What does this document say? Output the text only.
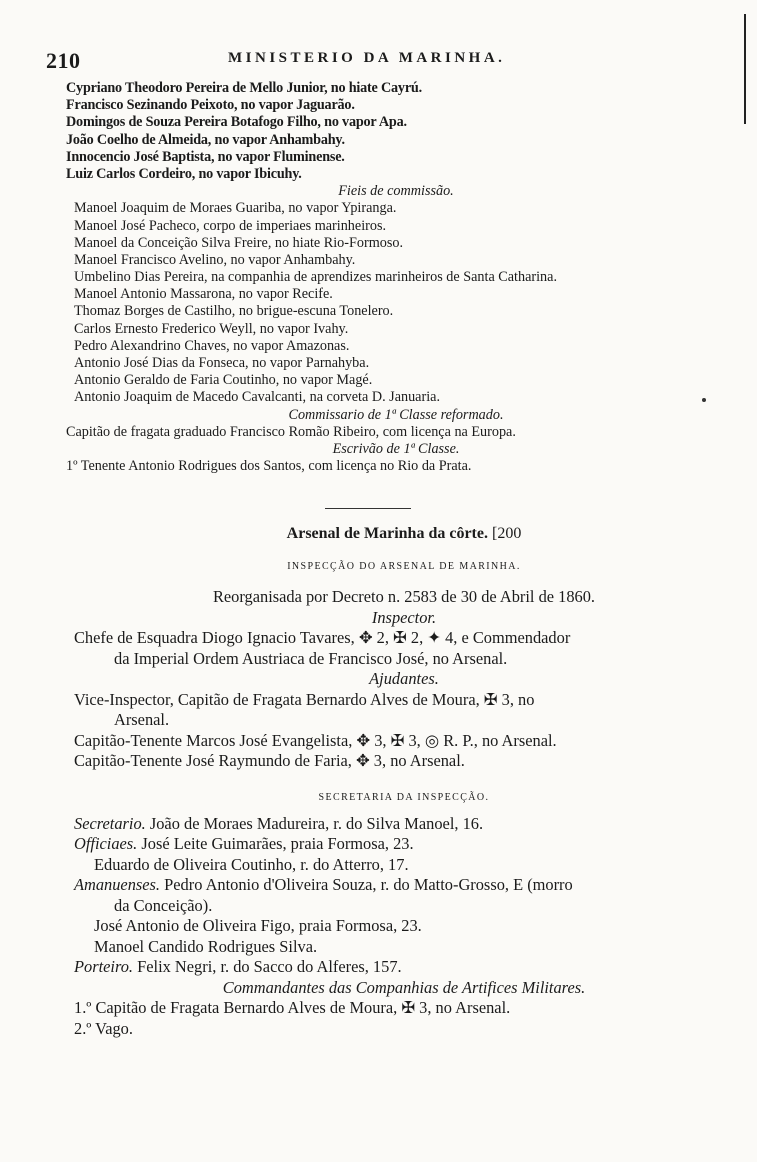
210	MINISTERIO DA MARINHA.
Cypriano Theodoro Pereira de Mello Junior, no hiate Cayrú.
Francisco Sezinando Peixoto, no vapor Jaguarão.
Domingos de Souza Pereira Botafogo Filho, no vapor Apa.
João Coelho de Almeida, no vapor Anhambahy.
Innocencio José Baptista, no vapor Fluminense.
Luiz Carlos Cordeiro, no vapor Ibicuhy.
Fieis de commissão.
Manoel Joaquim de Moraes Guariba, no vapor Ypiranga.
Manoel José Pacheco, corpo de imperiaes marinheiros.
Manoel da Conceição Silva Freire, no hiate Rio-Formoso.
Manoel Francisco Avelino, no vapor Anhambahy.
Umbelino Dias Pereira, na companhia de aprendizes marinheiros de Santa Catharina.
Manoel Antonio Massarona, no vapor Recife.
Thomaz Borges de Castilho, no brigue-escuna Tonelero.
Carlos Ernesto Frederico Weyll, no vapor Ivahy.
Pedro Alexandrino Chaves, no vapor Amazonas.
Antonio José Dias da Fonseca, no vapor Parnahyba.
Antonio Geraldo de Faria Coutinho, no vapor Magé.
Antonio Joaquim de Macedo Cavalcanti, na corveta D. Januaria.
Commissario de 1ª Classe reformado.
Capitão de fragata graduado Francisco Romão Ribeiro, com licença na Europa.
Escrivão de 1ª Classe.
1º Tenente Antonio Rodrigues dos Santos, com licença no Rio da Prata.
Arsenal de Marinha da côrte. [200
INSPECÇÃO DO ARSENAL DE MARINHA.
Reorganisada por Decreto n. 2583 de 30 de Abril de 1860.
Inspector.
Chefe de Esquadra Diogo Ignacio Tavares, ✥ 2, ✠ 2, ✦ 4, e Commendador
da Imperial Ordem Austriaca de Francisco José, no Arsenal.
Ajudantes.
Vice-Inspector, Capitão de Fragata Bernardo Alves de Moura, ✠ 3, no
Arsenal.
Capitão-Tenente Marcos José Evangelista, ✥ 3, ✠ 3, ◎ R. P., no Arsenal.
Capitão-Tenente José Raymundo de Faria, ✥ 3, no Arsenal.
SECRETARIA DA INSPECÇÃO.
Secretario. João de Moraes Madureira, r. do Silva Manoel, 16.
Officiaes. José Leite Guimarães, praia Formosa, 23.
Eduardo de Oliveira Coutinho, r. do Atterro, 17.
Amanuenses. Pedro Antonio d'Oliveira Souza, r. do Matto-Grosso, E (morro
da Conceição).
José Antonio de Oliveira Figo, praia Formosa, 23.
Manoel Candido Rodrigues Silva.
Porteiro. Felix Negri, r. do Sacco do Alferes, 157.
Commandantes das Companhias de Artifices Militares.
1.º Capitão de Fragata Bernardo Alves de Moura, ✠ 3, no Arsenal.
2.º Vago.
